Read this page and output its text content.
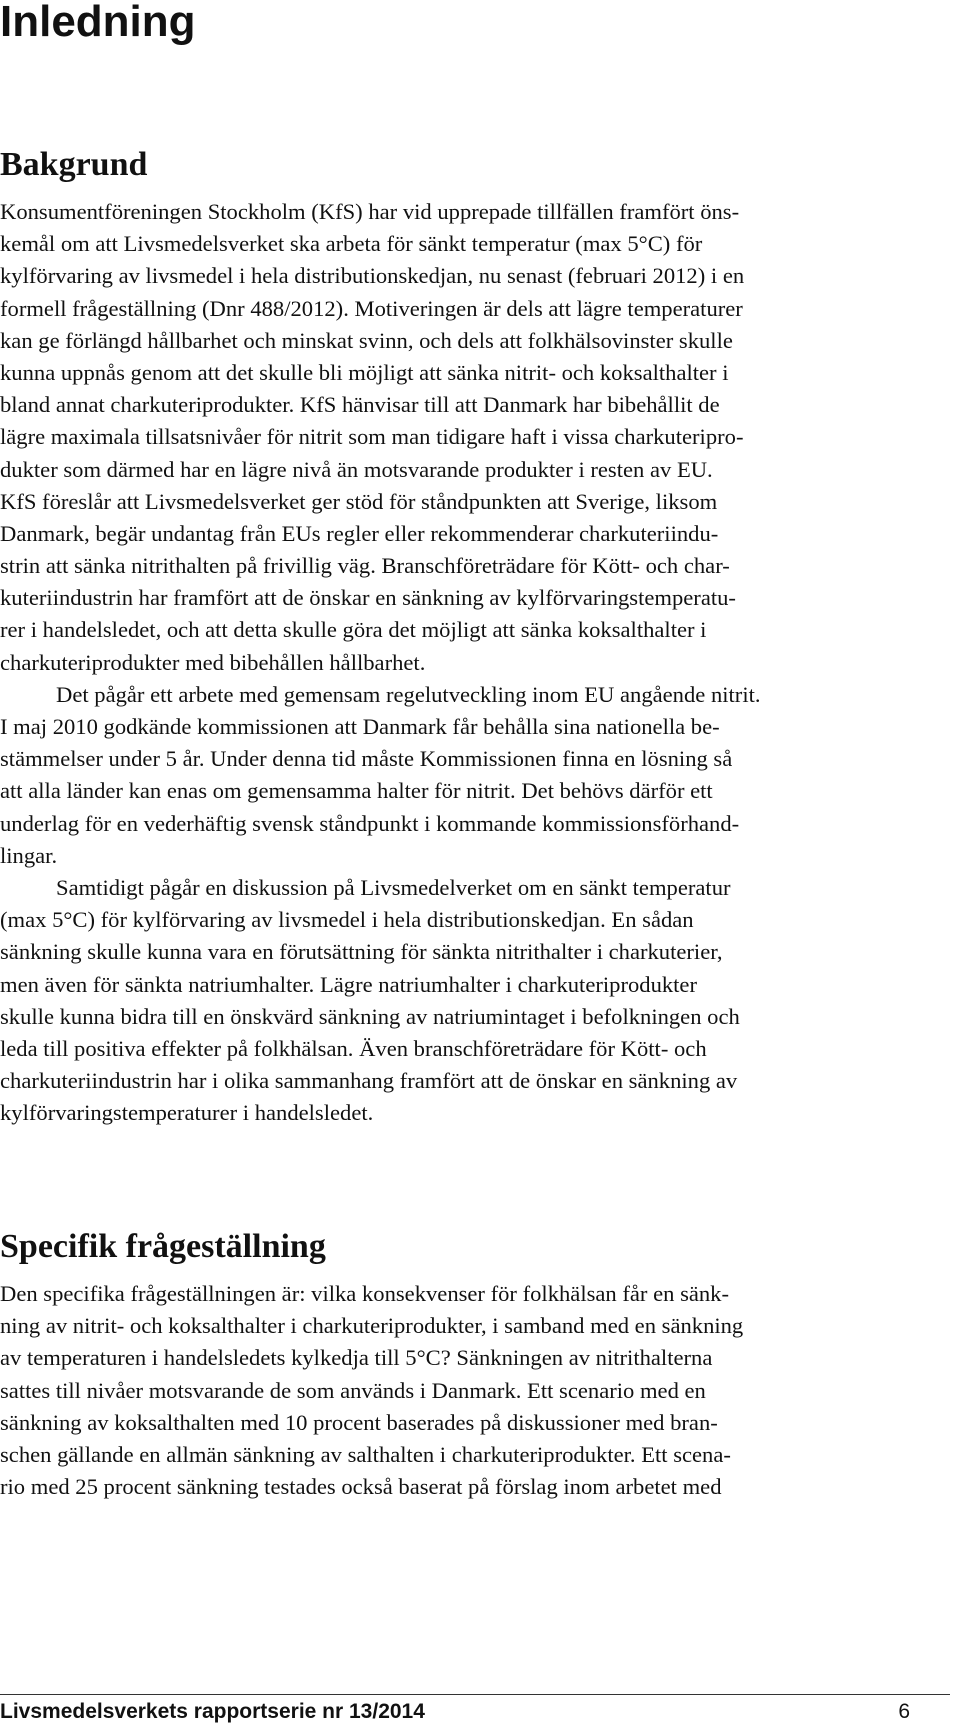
Inledning
Bakgrund
Konsumentföreningen Stockholm (KfS) har vid upprepade tillfällen framfört öns-
kemål om att Livsmedelsverket ska arbeta för sänkt temperatur (max 5°C) för
kylförvaring av livsmedel i hela distributionskedjan, nu senast (februari 2012) i en
formell frågeställning (Dnr 488/2012). Motiveringen är dels att lägre temperaturer
kan ge förlängd hållbarhet och minskat svinn, och dels att folkhälsovinster skulle
kunna uppnås genom att det skulle bli möjligt att sänka nitrit- och koksalthalter i
bland annat charkuteriprodukter. KfS hänvisar till att Danmark har bibehållit de
lägre maximala tillsatsnivåer för nitrit som man tidigare haft i vissa charkuteripro-
dukter som därmed har en lägre nivå än motsvarande produkter i resten av EU.
KfS föreslår att Livsmedelsverket ger stöd för ståndpunkten att Sverige, liksom
Danmark, begär undantag från EUs regler eller rekommenderar charkuteriindu-
strin att sänka nitrithalten på frivillig väg. Branschföreträdare för Kött- och char-
kuteriindustrin har framfört att de önskar en sänkning av kylförvaringstemperatu-
rer i handelsledet, och att detta skulle göra det möjligt att sänka koksalthalter i
charkuteriprodukter med bibehållen hållbarhet.
Det pågår ett arbete med gemensam regelutveckling inom EU angående nitrit.
I maj 2010 godkände kommissionen att Danmark får behålla sina nationella be-
stämmelser under 5 år. Under denna tid måste Kommissionen finna en lösning så
att alla länder kan enas om gemensamma halter för nitrit. Det behövs därför ett
underlag för en vederhäftig svensk ståndpunkt i kommande kommissionsförhand-
lingar.
Samtidigt pågår en diskussion på Livsmedelverket om en sänkt temperatur
(max 5°C) för kylförvaring av livsmedel i hela distributionskedjan. En sådan
sänkning skulle kunna vara en förutsättning för sänkta nitrithalter i charkuterier,
men även för sänkta natriumhalter. Lägre natriumhalter i charkuteriprodukter
skulle kunna bidra till en önskvärd sänkning av natriumintaget i befolkningen och
leda till positiva effekter på folkhälsan. Även branschföreträdare för Kött- och
charkuteriindustrin har i olika sammanhang framfört att de önskar en sänkning av
kylförvaringstemperaturer i handelsledet.
Specifik frågeställning
Den specifika frågeställningen är: vilka konsekvenser för folkhälsan får en sänk-
ning av nitrit- och koksalthalter i charkuteriprodukter, i samband med en sänkning
av temperaturen i handelsledets kylkedja till 5°C? Sänkningen av nitrithalterna
sattes till nivåer motsvarande de som används i Danmark. Ett scenario med en
sänkning av koksalthalten med 10 procent baserades på diskussioner med bran-
schen gällande en allmän sänkning av salthalten i charkuteriprodukter. Ett scena-
rio med 25 procent sänkning testades också baserat på förslag inom arbetet med
Livsmedelsverkets rapportserie nr 13/2014	6
